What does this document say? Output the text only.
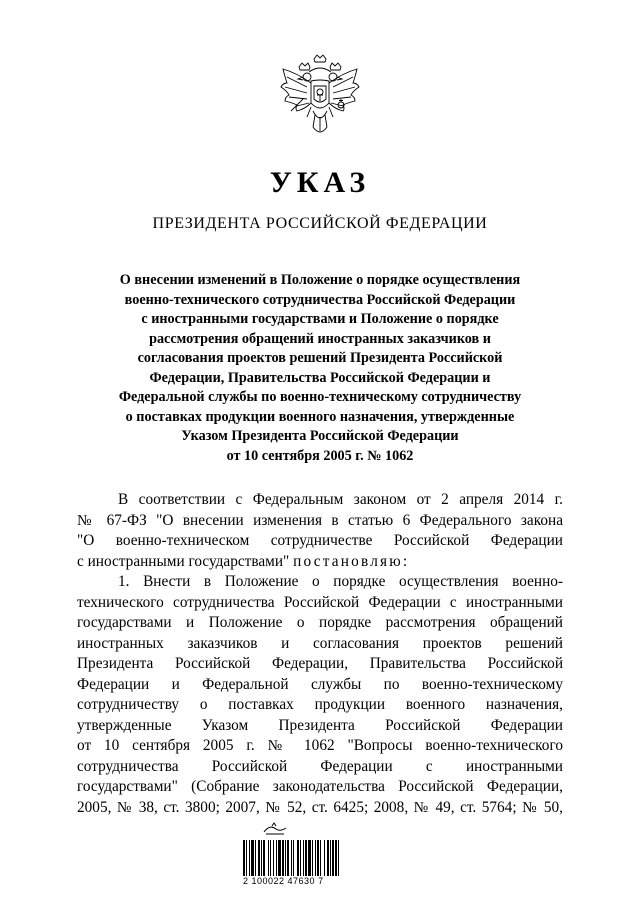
УКАЗ
ПРЕЗИДЕНТА РОССИЙСКОЙ ФЕДЕРАЦИИ
О внесении изменений в Положение о порядке осуществления
военно-технического сотрудничества Российской Федерации
с иностранными государствами и Положение о порядке
рассмотрения обращений иностранных заказчиков и
согласования проектов решений Президента Российской
Федерации, Правительства Российской Федерации и
Федеральной службы по военно-техническому сотрудничеству
о поставках продукции военного назначения, утвержденные
Указом Президента Российской Федерации
от 10 сентября 2005 г. № 1062
В соответствии с Федеральным законом от 2 апреля 2014 г.
№ 67-ФЗ "О внесении изменения в статью 6 Федерального закона
"О военно-техническом сотрудничестве Российской Федерации
с иностранными государствами" постановляю:
1. Внести в Положение о порядке осуществления военно-
технического сотрудничества Российской Федерации с иностранными
государствами и Положение о порядке рассмотрения обращений
иностранных заказчиков и согласования проектов решений
Президента Российской Федерации, Правительства Российской
Федерации и Федеральной службы по военно-техническому
сотрудничеству о поставках продукции военного назначения,
утвержденные Указом Президента Российской Федерации
от 10 сентября 2005 г. № 1062 "Вопросы военно-технического
сотрудничества Российской Федерации с иностранными
государствами" (Собрание законодательства Российской Федерации,
2005, № 38, ст. 3800; 2007, № 52, ст. 6425; 2008, № 49, ст. 5764; № 50,
2 100022 47630 7
